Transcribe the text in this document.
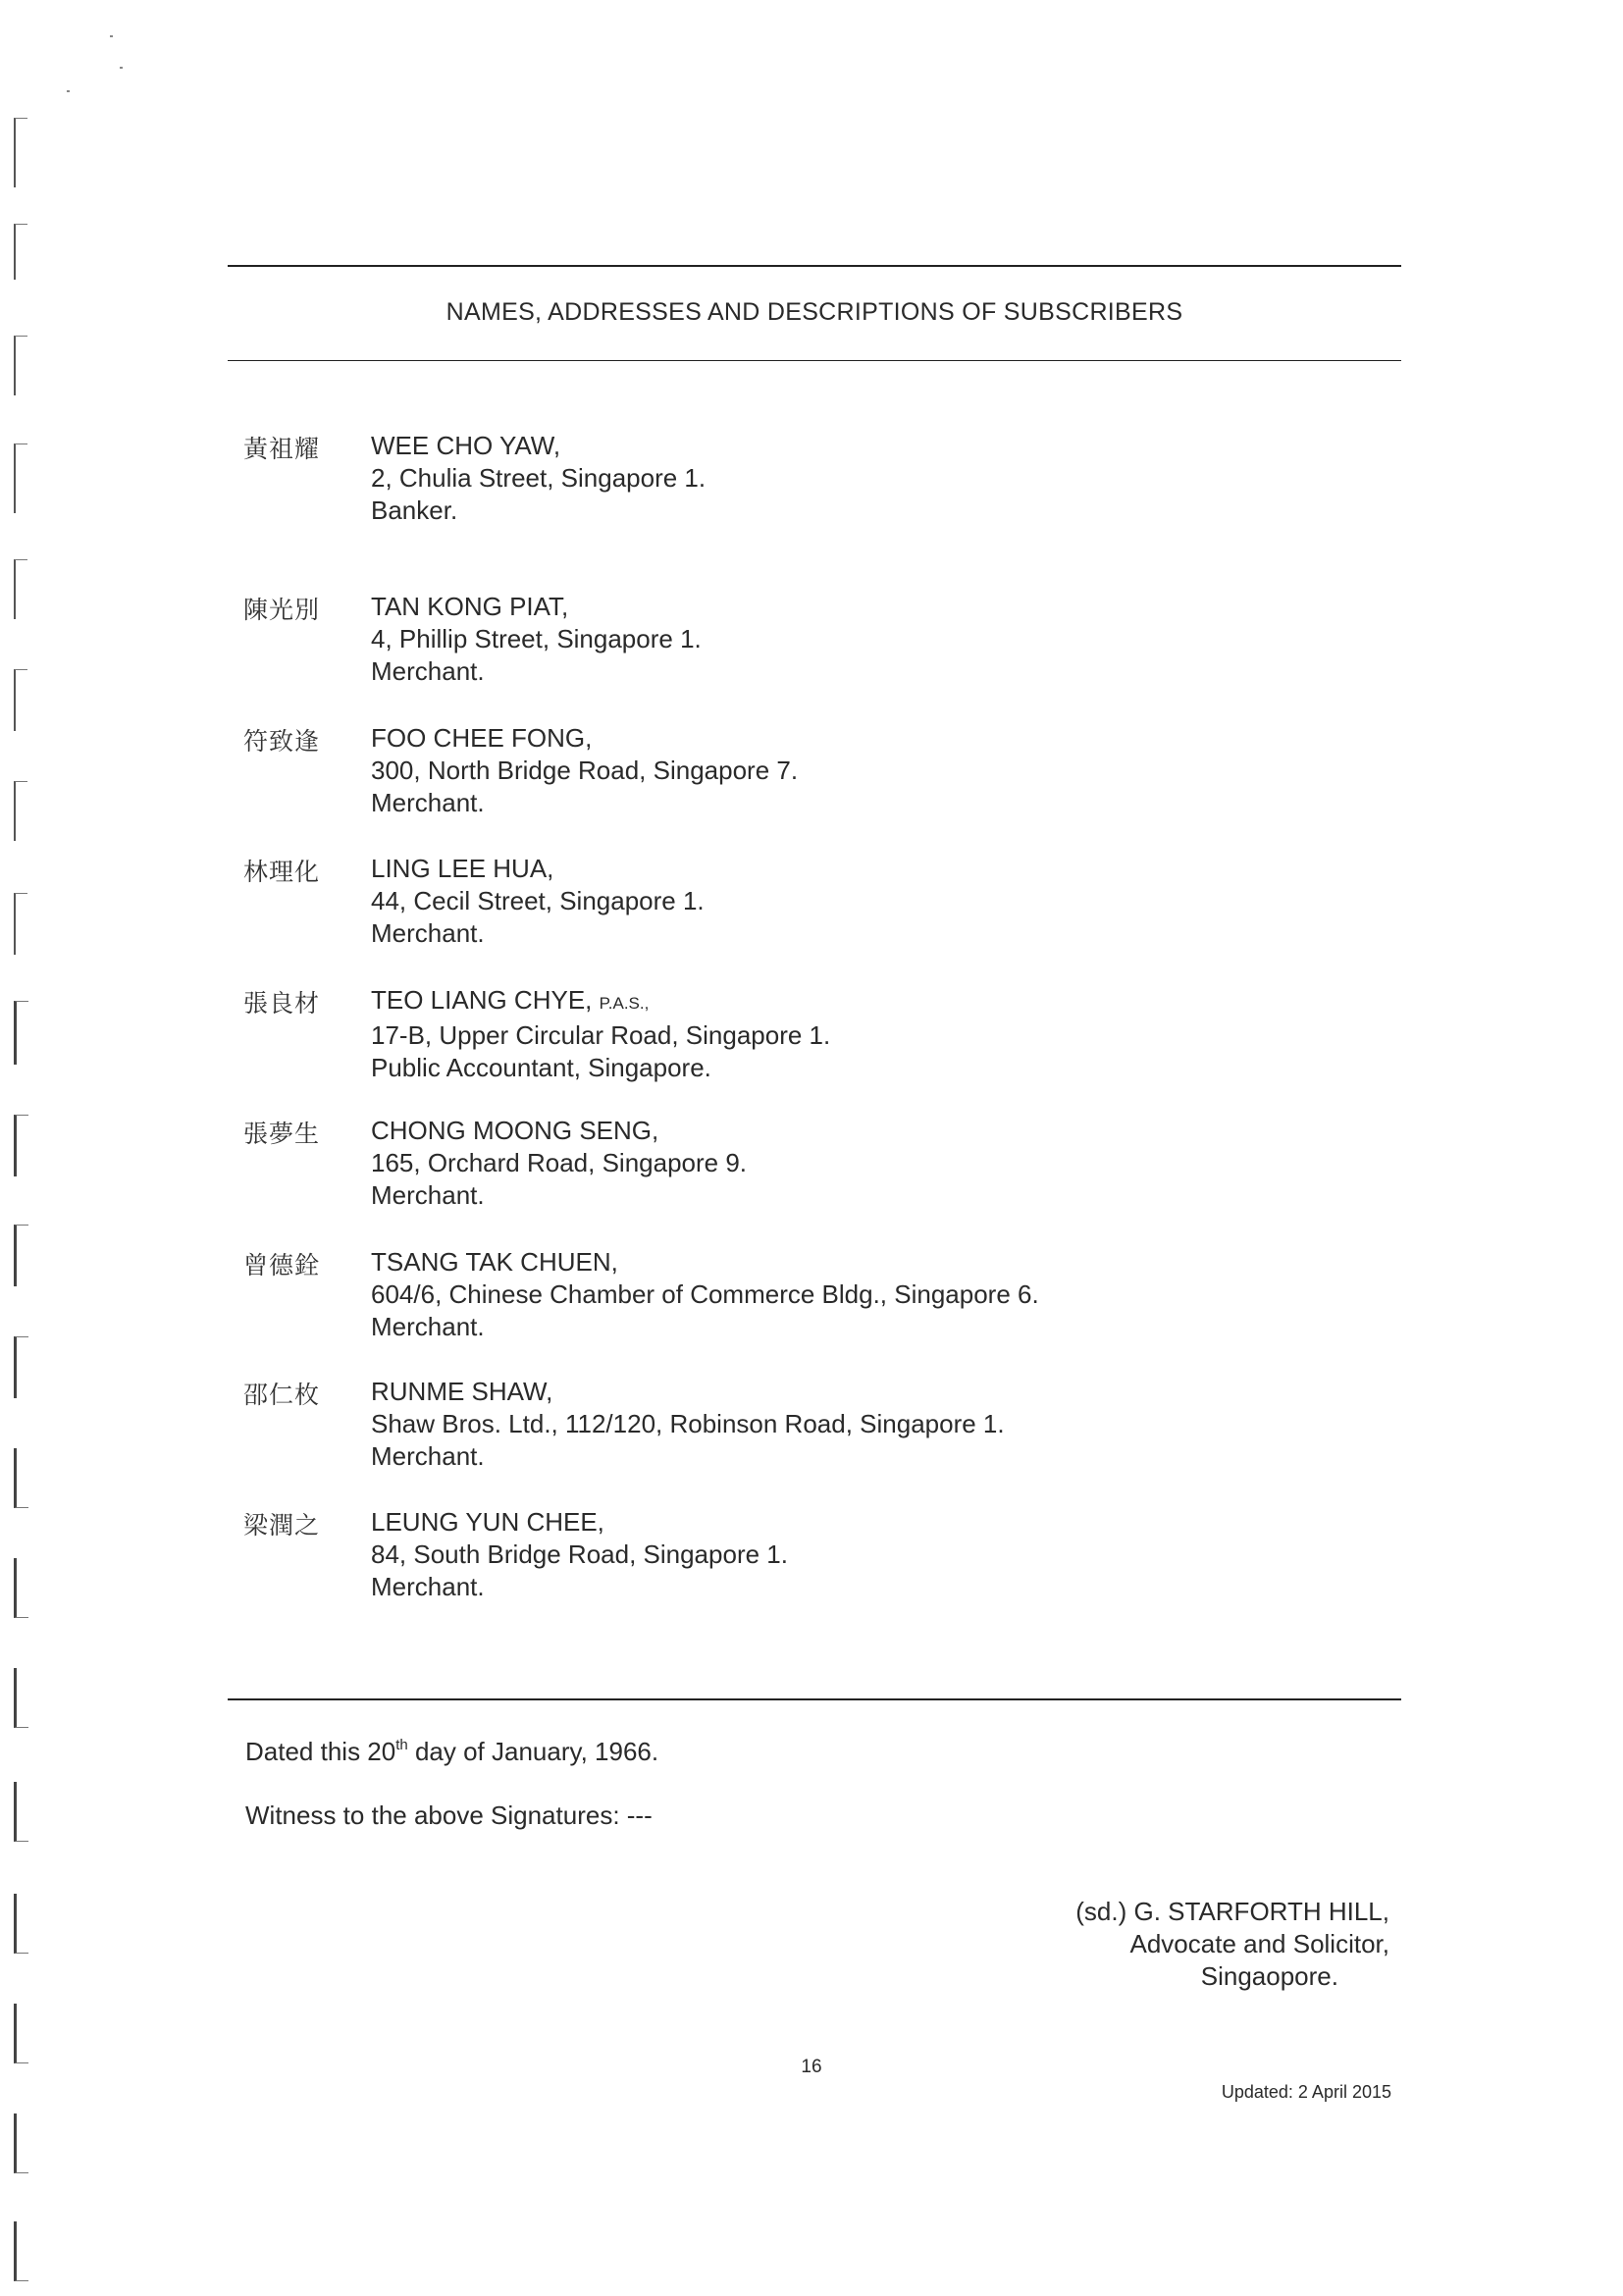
NAMES, ADDRESSES AND DESCRIPTIONS OF SUBSCRIBERS
黃祖耀 WEE CHO YAW,
2, Chulia Street, Singapore 1.
Banker.
陳光別 TAN KONG PIAT,
4, Phillip Street, Singapore 1.
Merchant.
符致逢 FOO CHEE FONG,
300, North Bridge Road, Singapore 7.
Merchant.
林理化 LING LEE HUA,
44, Cecil Street, Singapore 1.
Merchant.
張良材 TEO LIANG CHYE, P.A.S.,
17-B, Upper Circular Road, Singapore 1.
Public Accountant, Singapore.
張夢生 CHONG MOONG SENG,
165, Orchard Road, Singapore 9.
Merchant.
曾德銓 TSANG TAK CHUEN,
604/6, Chinese Chamber of Commerce Bldg., Singapore 6.
Merchant.
邵仁枚 RUNME SHAW,
Shaw Bros. Ltd., 112/120, Robinson Road, Singapore 1.
Merchant.
梁潤之 LEUNG YUN CHEE,
84, South Bridge Road, Singapore 1.
Merchant.
Dated this 20th day of January, 1966.
Witness to the above Signatures: ---
(sd.) G. STARFORTH HILL,
Advocate and Solicitor,
Singaopore.
16
Updated: 2 April 2015
